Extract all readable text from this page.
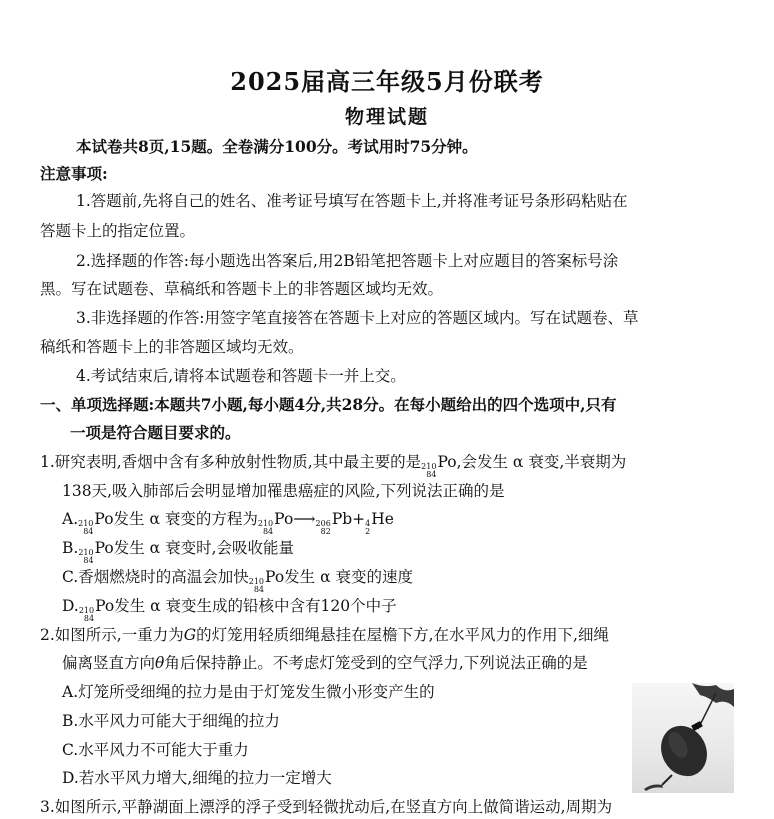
2025届高三年级5月份联考
物理试题
本试卷共8页,15题。全卷满分100分。考试用时75分钟。
注意事项:
1.答题前,先将自己的姓名、准考证号填写在答题卡上,并将准考证号条形码粘贴在
答题卡上的指定位置。
2.选择题的作答:每小题选出答案后,用2B铅笔把答题卡上对应题目的答案标号涂
黑。写在试题卷、草稿纸和答题卡上的非答题区域均无效。
3.非选择题的作答:用签字笔直接答在答题卡上对应的答题区域内。写在试题卷、草
稿纸和答题卡上的非答题区域均无效。
4.考试结束后,请将本试题卷和答题卡一并上交。
一、单项选择题:本题共7小题,每小题4分,共28分。在每小题给出的四个选项中,只有
一项是符合题目要求的。
1.研究表明,香烟中含有多种放射性物质,其中最主要的是 210
84
Po,会发生 α 衰变,半衰期为
138天,吸入肺部后会明显增加罹患癌症的风险,下列说法正确的是
A. 210
84
Po发生 α 衰变的方程为 210
84
Po⟶ 206
82
Pb+ 4
2
He
B. 210
84
Po发生 α 衰变时,会吸收能量
C.香烟燃烧时的高温会加快 210
84
Po发生 α 衰变的速度
D. 210
84
Po发生 α 衰变生成的铅核中含有120个中子
2.如图所示,一重力为G的灯笼用轻质细绳悬挂在屋檐下方,在水平风力的作用下,细绳
偏离竖直方向θ角后保持静止。不考虑灯笼受到的空气浮力,下列说法正确的是
A.灯笼所受细绳的拉力是由于灯笼发生微小形变产生的
B.水平风力可能大于细绳的拉力
C.水平风力不可能大于重力
D.若水平风力增大,细绳的拉力一定增大
3.如图所示,平静湖面上漂浮的浮子受到轻微扰动后,在竖直方向上做简谐运动,周期为
